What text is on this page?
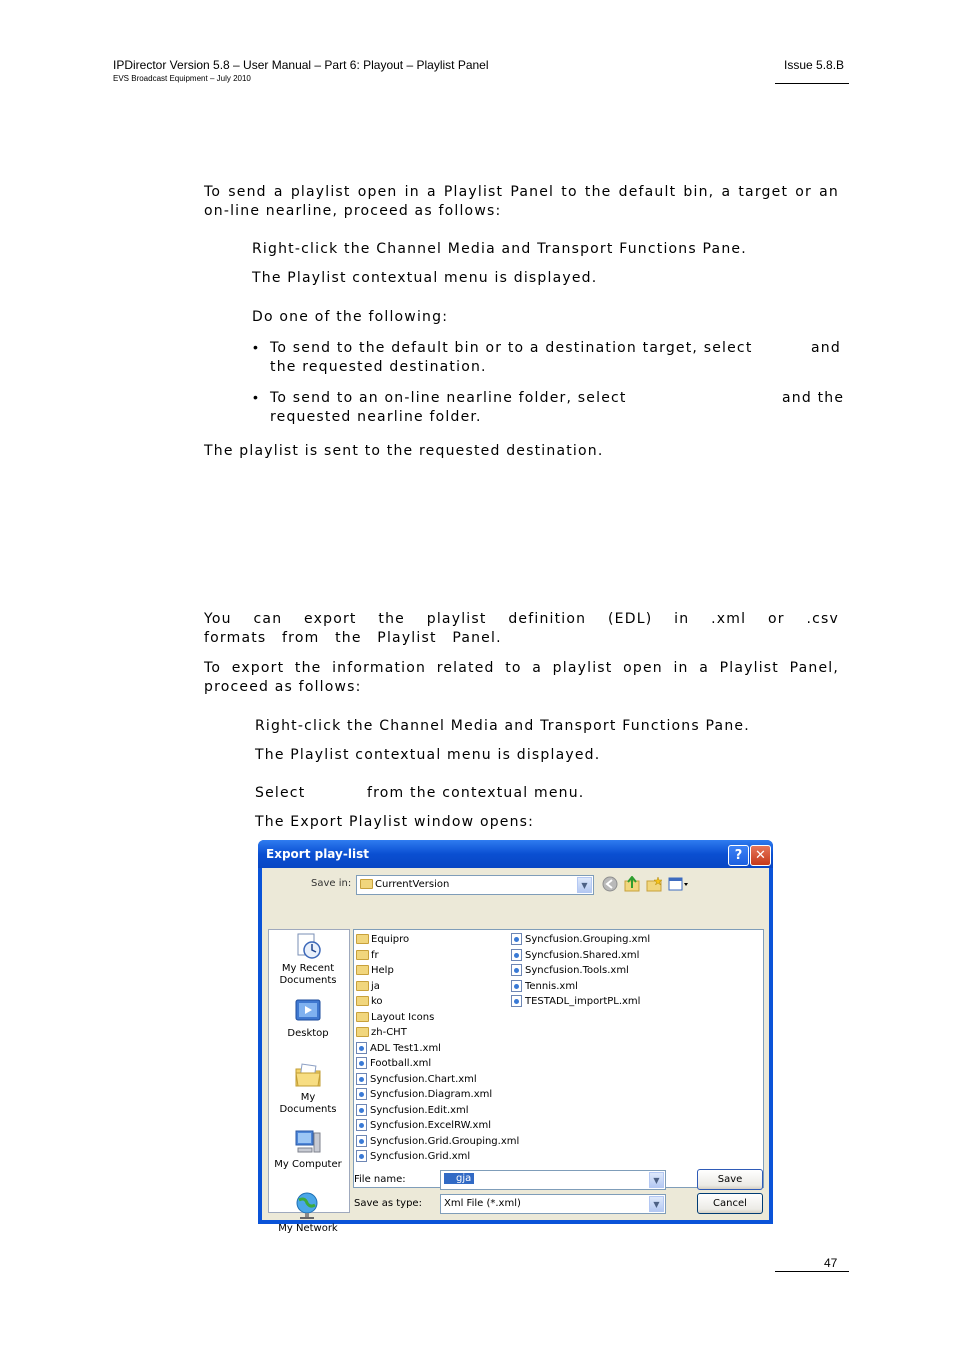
IPDirector Version 5.8 – User Manual – Part 6: Playout – Playlist Panel
EVS Broadcast Equipment – July 2010
Issue 5.8.B
To send a playlist open in a Playlist Panel to the default bin, a target or an on-line nearline, proceed as follows:
Right-click the Channel Media and Transport Functions Pane.
The Playlist contextual menu is displayed.
Do one of the following:
• To send to the default bin or to a destination target, select	and
the requested destination.
• To send to an on-line nearline folder, select	and the
requested nearline folder.
The playlist is sent to the requested destination.
You can export the playlist definition (EDL) in .xml or .csv formats from the Playlist Panel.
To export the information related to a playlist open in a Playlist Panel, proceed as follows:
Right-click the Channel Media and Transport Functions Pane.
The Playlist contextual menu is displayed.
Select	from the contextual menu.
The Export Playlist window opens:
Export play-list	? ✕
Save in:	CurrentVersion	▼
My Recent Documents
Desktop
My Documents
My Computer
My Network
Equipro
fr
Help
ja
ko
Layout Icons
zh-CHT
ADL Test1.xml
Football.xml
Syncfusion.Chart.xml
Syncfusion.Diagram.xml
Syncfusion.Edit.xml
Syncfusion.ExcelRW.xml
Syncfusion.Grid.Grouping.xml
Syncfusion.Grid.xml
Syncfusion.Grouping.xml
Syncfusion.Shared.xml
Syncfusion.Tools.xml
Tennis.xml
TESTADL_importPL.xml
File name:	gja	▼
Save as type: Xml File (*.xml)	▼
Save
Cancel
47
